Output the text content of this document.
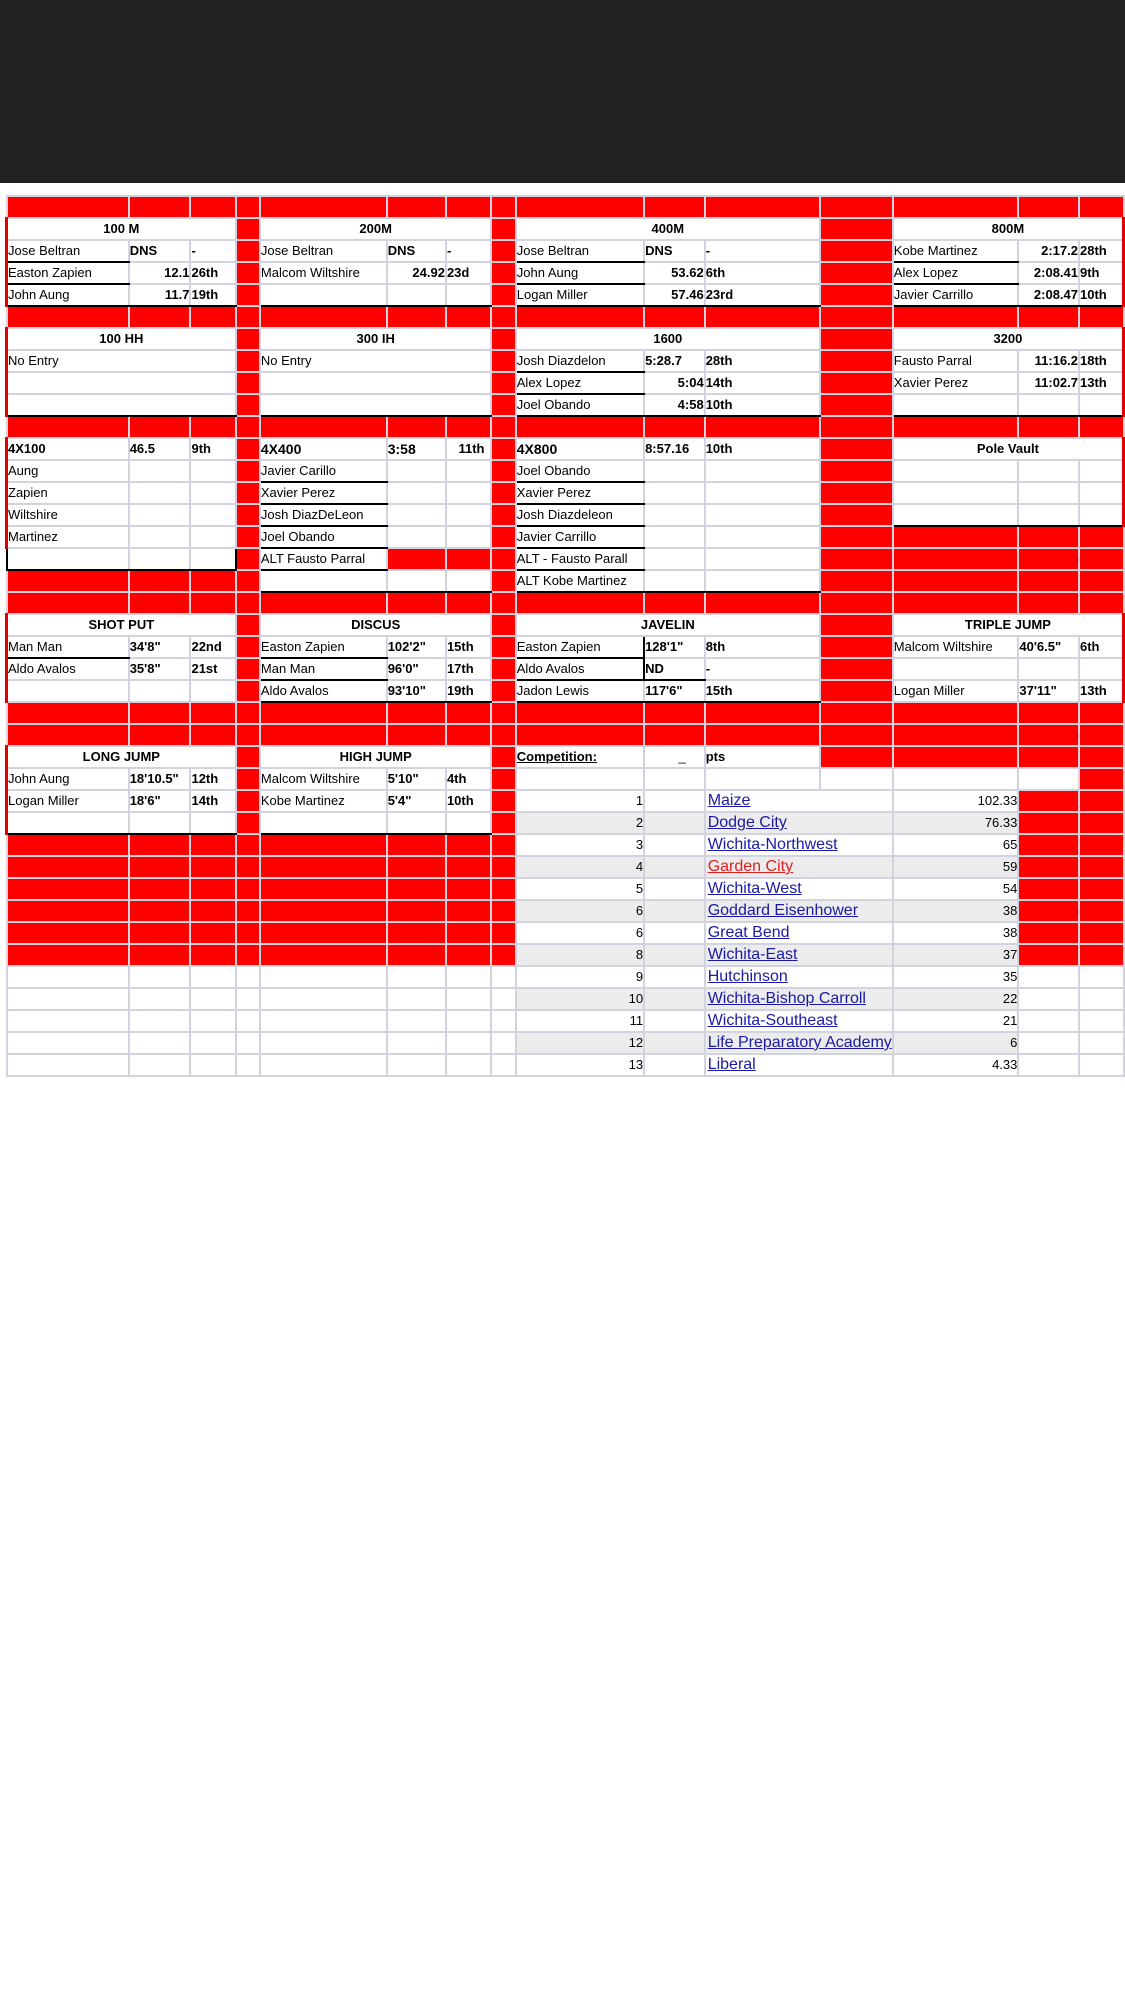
100 M				200M				400M				800M		
Jose Beltran	DNS	-		Jose Beltran	DNS	-		Jose Beltran	DNS	-		Kobe Martinez	2:17.2	28th
Easton Zapien	12.1	26th		Malcom Wiltshire	24.92	23d		John Aung	53.62	6th		Alex Lopez	2:08.41	9th
John Aung	11.7	19th						Logan Miller	57.46	23rd		Javier Carrillo	2:08.47	10th

100 HH				300 IH				1600				3200		
No Entry				No Entry				Josh Diazdelon	5:28.7	28th		Fausto Parral	11:16.2	18th
								Alex Lopez	5:04	14th		Xavier Perez	11:02.7	13th
								Joel Obando	4:58	10th				

4X100	46.5	9th		4X400	3:58	11th		4X800	8:57.16	10th		Pole Vault		
Aung				Javier Carillo				Joel Obando						
Zapien				Xavier Perez				Xavier Perez						
Wiltshire				Josh DiazDeLeon				Josh Diazdeleon						
Martinez				Joel Obando				Javier Carrillo						
				ALT Fausto Parral				ALT - Fausto Parall						
								ALT Kobe Martinez						

SHOT PUT				DISCUS				JAVELIN				TRIPLE JUMP		
Man Man	34'8"	22nd		Easton Zapien	102'2"	15th		Easton Zapien	128'1"	8th		Malcom Wiltshire	40'6.5"	6th
Aldo Avalos	35'8"	21st		Man Man	96'0"	17th		Aldo Avalos	ND	-				
				Aldo Avalos	93'10"	19th		Jadon Lewis	117'6"	15th		Logan Miller	37'11"	13th

LONG JUMP				HIGH JUMP				Competition:	_	pts				
John Aung	18'10.5"	12th		Malcom Wiltshire	5'10"	4th								
Logan Miller	18'6"	14th		Kobe Martinez	5'4"	10th		1		Maize		102.33		
								2		Dodge City		76.33		
								3		Wichita-Northwest		65		
								4		Garden City		59		
								5		Wichita-West		54		
								6		Goddard Eisenhower		38		
								6		Great Bend		38		
								8		Wichita-East		37		
								9		Hutchinson		35		
								10		Wichita-Bishop Carroll		22		
								11		Wichita-Southeast		21		
								12		Life Preparatory Academy		6		
								13		Liberal		4.33		
